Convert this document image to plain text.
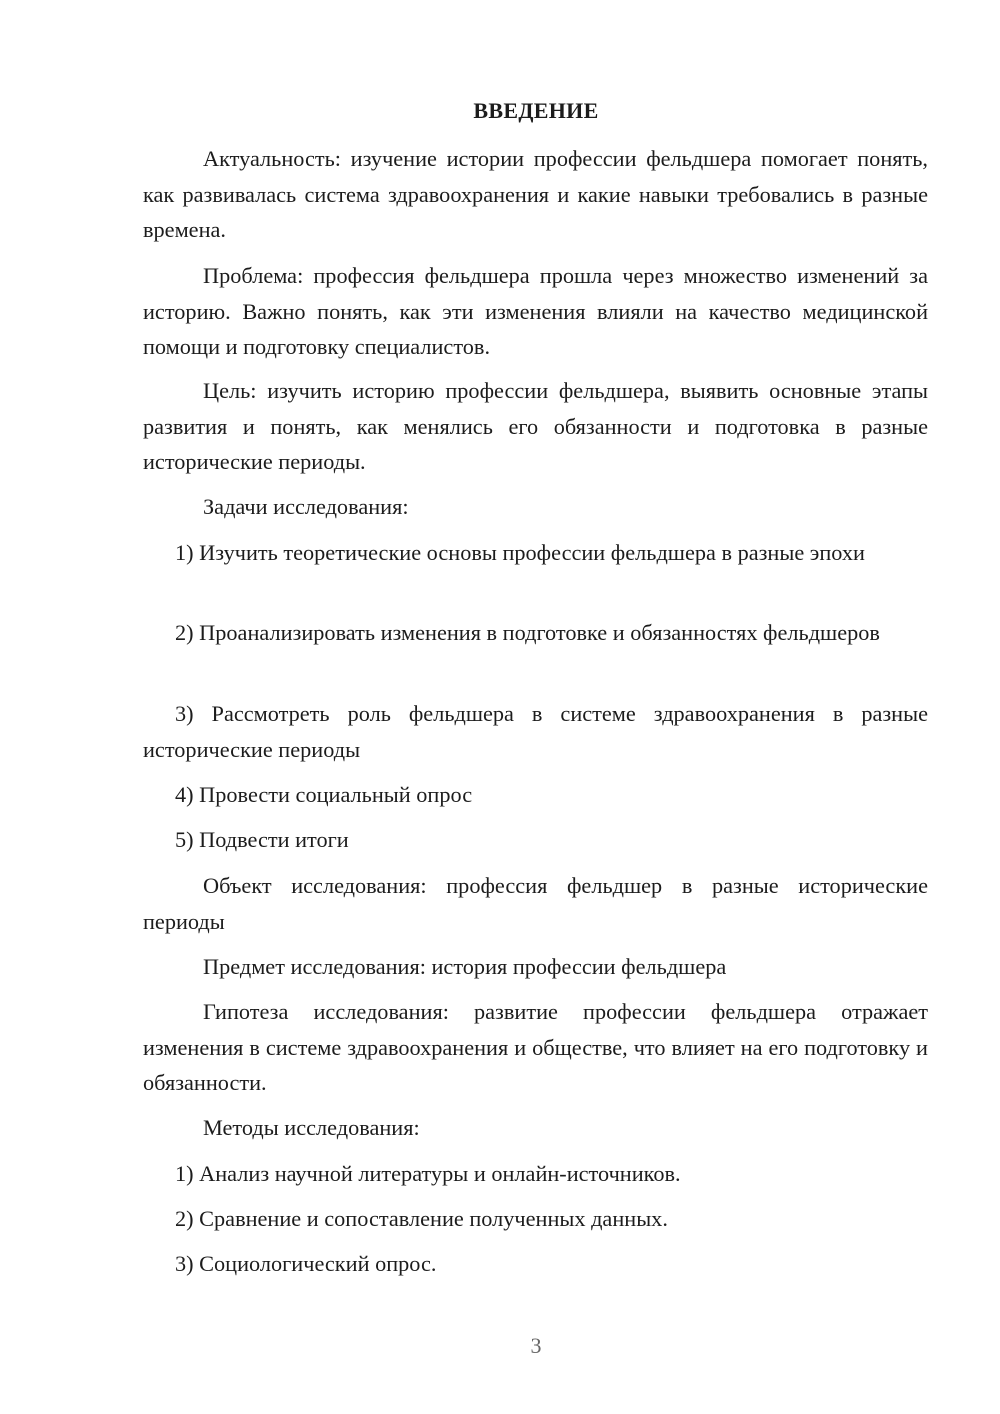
ВВЕДЕНИЕ
Актуальность: изучение истории профессии фельдшера помогает понять, как развивалась система здравоохранения и какие навыки требовались в разные времена.
Проблема: профессия фельдшера прошла через множество изменений за историю. Важно понять, как эти изменения влияли на качество медицинской помощи и подготовку специалистов.
Цель: изучить историю профессии фельдшера, выявить основные этапы развития и понять, как менялись его обязанности и подготовка в разные исторические периоды.
Задачи исследования:
1) Изучить теоретические основы профессии фельдшера в разные эпохи
2) Проанализировать изменения в подготовке и обязанностях фельдшеров
3) Рассмотреть роль фельдшера в системе здравоохранения в разные исторические периоды
4) Провести социальный опрос
5) Подвести итоги
Объект исследования: профессия фельдшер в разные исторические периоды
Предмет исследования: история профессии фельдшера
Гипотеза исследования: развитие профессии фельдшера отражает изменения в системе здравоохранения и обществе, что влияет на его подготовку и обязанности.
Методы исследования:
1) Анализ научной литературы и онлайн-источников.
2) Сравнение и сопоставление полученных данных.
3) Социологический опрос.
3
